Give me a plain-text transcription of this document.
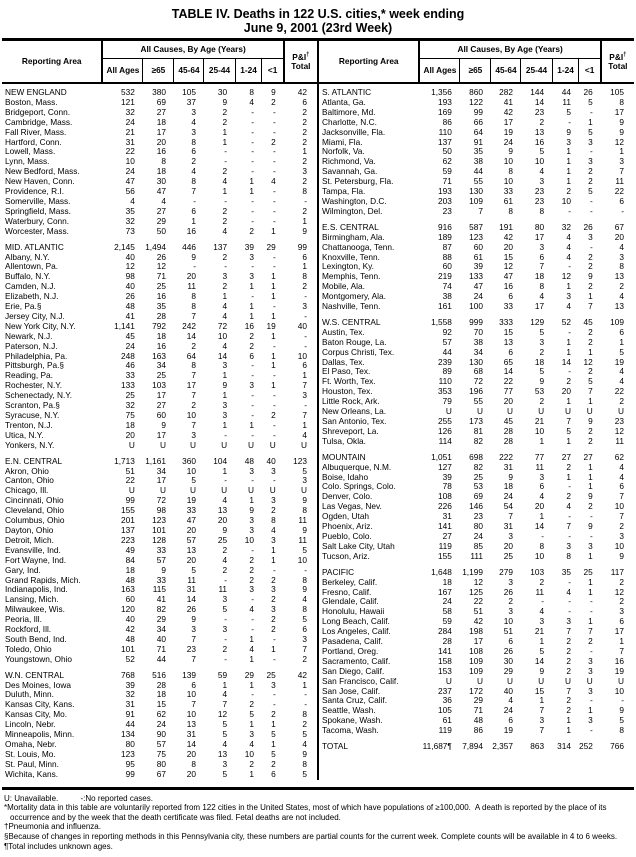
TABLE IV. Deaths in 122 U.S. cities,* week ending
June 9, 2001 (23rd Week)
Reporting Area	All Causes, By Age (Years)						P&I†
Total
	All Ages	≥65	45-64	25-44	1-24	<1	
NEW ENGLAND	532	380	105	30	8	9	42
Boston, Mass.	121	69	37	9	4	2	6
Bridgeport, Conn.	32	27	3	2	-	-	2
Cambridge, Mass.	24	18	4	2	-	-	2
Fall River, Mass.	21	17	3	1	-	-	2
Hartford, Conn.	31	20	8	1	-	2	2
Lowell, Mass.	22	16	6	-	-	-	1
Lynn, Mass.	10	8	2	-	-	-	2
New Bedford, Mass.	24	18	4	2	-	-	3
New Haven, Conn.	47	30	8	4	1	4	2
Providence, R.I.	56	47	7	1	1	-	8
Somerville, Mass.	4	4	-	-	-	-	-
Springfield, Mass.	35	27	6	2	-	-	2
Waterbury, Conn.	32	29	1	2	-	-	1
Worcester, Mass.	73	50	16	4	2	1	9
MID. ATLANTIC	2,145	1,494	446	137	39	29	99
Albany, N.Y.	40	26	9	2	3	-	6
Allentown, Pa.	12	12	-	-	-	-	1
Buffalo, N.Y.	98	71	20	3	3	1	8
Camden, N.J.	40	25	11	2	1	1	2
Elizabeth, N.J.	26	16	8	1	-	1	-
Erie, Pa.§	48	35	8	4	1	-	3
Jersey City, N.J.	41	28	7	4	1	1	-
New York City, N.Y.	1,141	792	242	72	16	19	40
Newark, N.J.	45	18	14	10	2	1	-
Paterson, N.J.	24	16	2	4	2	-	-
Philadelphia, Pa.	248	163	64	14	6	1	10
Pittsburgh, Pa.§	46	34	8	3	-	1	6
Reading, Pa.	33	25	7	1	-	-	1
Rochester, N.Y.	133	103	17	9	3	1	7
Schenectady, N.Y.	25	17	7	1	-	-	3
Scranton, Pa.§	32	27	2	3	-	-	-
Syracuse, N.Y.	75	60	10	3	-	2	7
Trenton, N.J.	18	9	7	1	1	-	1
Utica, N.Y.	20	17	3	-	-	-	4
Yonkers, N.Y.	U	U	U	U	U	U	U
E.N. CENTRAL	1,713	1,161	360	104	48	40	123
Akron, Ohio	51	34	10	1	3	3	5
Canton, Ohio	22	17	5	-	-	-	3
Chicago, Ill.	U	U	U	U	U	U	U
Cincinnati, Ohio	99	72	19	4	1	3	9
Cleveland, Ohio	155	98	33	13	9	2	8
Columbus, Ohio	201	123	47	20	3	8	11
Dayton, Ohio	137	101	20	9	3	4	9
Detroit, Mich.	223	128	57	25	10	3	11
Evansville, Ind.	49	33	13	2	-	1	5
Fort Wayne, Ind.	84	57	20	4	2	1	10
Gary, Ind.	18	9	5	2	2	-	-
Grand Rapids, Mich.	48	33	11	-	2	2	8
Indianapolis, Ind.	163	115	31	11	3	3	9
Lansing, Mich.	60	41	14	3	-	2	4
Milwaukee, Wis.	120	82	26	5	4	3	8
Peoria, Ill.	40	29	9	-	-	2	5
Rockford, Ill.	42	34	3	3	-	2	6
South Bend, Ind.	48	40	7	-	1	-	3
Toledo, Ohio	101	71	23	2	4	1	7
Youngstown, Ohio	52	44	7	-	1	-	2
W.N. CENTRAL	768	516	139	59	29	25	42
Des Moines, Iowa	39	28	6	1	1	3	1
Duluth, Minn.	32	18	10	4	-	-	-
Kansas City, Kans.	31	15	7	7	2	-	-
Kansas City, Mo.	91	62	10	12	5	2	8
Lincoln, Nebr.	44	24	13	5	1	1	2
Minneapolis, Minn.	134	90	31	5	3	5	5
Omaha, Nebr.	80	57	14	4	4	1	4
St. Louis, Mo.	123	75	20	13	10	5	9
St. Paul, Minn.	95	80	8	3	2	2	8
Wichita, Kans.	99	67	20	5	1	6	5
Reporting Area	All Causes, By Age (Years)						P&I†
Total
	All Ages	≥65	45-64	25-44	1-24	<1	
S. ATLANTIC	1,356	860	282	144	44	26	105
Atlanta, Ga.	193	122	41	14	11	5	8
Baltimore, Md.	169	99	42	23	5	-	17
Charlotte, N.C.	86	66	17	2	-	1	9
Jacksonville, Fla.	110	64	19	13	9	5	9
Miami, Fla.	137	91	24	16	3	3	12
Norfolk, Va.	50	35	9	5	1	-	1
Richmond, Va.	62	38	10	10	1	3	3
Savannah, Ga.	59	44	8	4	1	2	7
St. Petersburg, Fla.	71	55	10	3	1	2	11
Tampa, Fla.	193	130	33	23	2	5	22
Washington, D.C.	203	109	61	23	10	-	6
Wilmington, Del.	23	7	8	8	-	-	-
E.S. CENTRAL	916	587	191	80	32	26	67
Birmingham, Ala.	189	123	42	17	4	3	20
Chattanooga, Tenn.	87	60	20	3	4	-	4
Knoxville, Tenn.	88	61	15	6	4	2	3
Lexington, Ky.	60	39	12	7	-	2	8
Memphis, Tenn.	219	133	47	18	12	9	13
Mobile, Ala.	74	47	16	8	1	2	2
Montgomery, Ala.	38	24	6	4	3	1	4
Nashville, Tenn.	161	100	33	17	4	7	13
W.S. CENTRAL	1,558	999	333	129	52	45	109
Austin, Tex.	92	70	15	5	-	2	6
Baton Rouge, La.	57	38	13	3	1	2	1
Corpus Christi, Tex.	44	34	6	2	1	1	5
Dallas, Tex.	239	130	65	18	14	12	19
El Paso, Tex.	89	68	14	5	-	2	4
Ft. Worth, Tex.	110	72	22	9	2	5	4
Houston, Tex.	353	196	77	53	20	7	22
Little Rock, Ark.	79	55	20	2	1	1	2
New Orleans, La.	U	U	U	U	U	U	U
San Antonio, Tex.	255	173	45	21	7	9	23
Shreveport, La.	126	81	28	10	5	2	12
Tulsa, Okla.	114	82	28	1	1	2	11
MOUNTAIN	1,051	698	222	77	27	27	62
Albuquerque, N.M.	127	82	31	11	2	1	4
Boise, Idaho	39	25	9	3	1	1	4
Colo. Springs, Colo.	78	53	18	6	-	1	6
Denver, Colo.	108	69	24	4	2	9	7
Las Vegas, Nev.	226	146	54	20	4	2	10
Ogden, Utah	31	23	7	1	-	-	7
Phoenix, Ariz.	141	80	31	14	7	9	2
Pueblo, Colo.	27	24	3	-	-	-	3
Salt Lake City, Utah	119	85	20	8	3	3	10
Tucson, Ariz.	155	111	25	10	8	1	9
PACIFIC	1,648	1,199	279	103	35	25	117
Berkeley, Calif.	18	12	3	2	-	1	2
Fresno, Calif.	167	125	26	11	4	1	12
Glendale, Calif.	24	22	2	-	-	-	2
Honolulu, Hawaii	58	51	3	4	-	-	3
Long Beach, Calif.	59	42	10	3	3	1	6
Los Angeles, Calif.	284	198	51	21	7	7	17
Pasadena, Calif.	28	17	6	1	2	2	1
Portland, Oreg.	141	108	26	5	2	-	7
Sacramento, Calif.	158	109	30	14	2	3	16
San Diego, Calif.	153	109	29	9	2	3	19
San Francisco, Calif.	U	U	U	U	U	U	U
San Jose, Calif.	237	172	40	15	7	3	10
Santa Cruz, Calif.	36	29	4	1	2	-	-
Seattle, Wash.	105	71	24	7	2	1	9
Spokane, Wash.	61	48	6	3	1	3	5
Tacoma, Wash.	119	86	19	7	1	-	8
TOTAL	11,687¶	7,894	2,357	863	314	252	766
U: Unavailable.          -:No reported cases.
*Mortality data in this table are voluntarily reported from 122 cities in the United States, most of which have populations of ≥100,000.  A death is reported by the place of its occurrence and by the week that the death certificate was filed. Fetal deaths are not included.
†Pneumonia and influenza.
§Because of changes in reporting methods in this Pennsylvania city, these numbers are partial counts for the current week. Complete counts will be available in 4 to 6 weeks.
¶Total includes unknown ages.
